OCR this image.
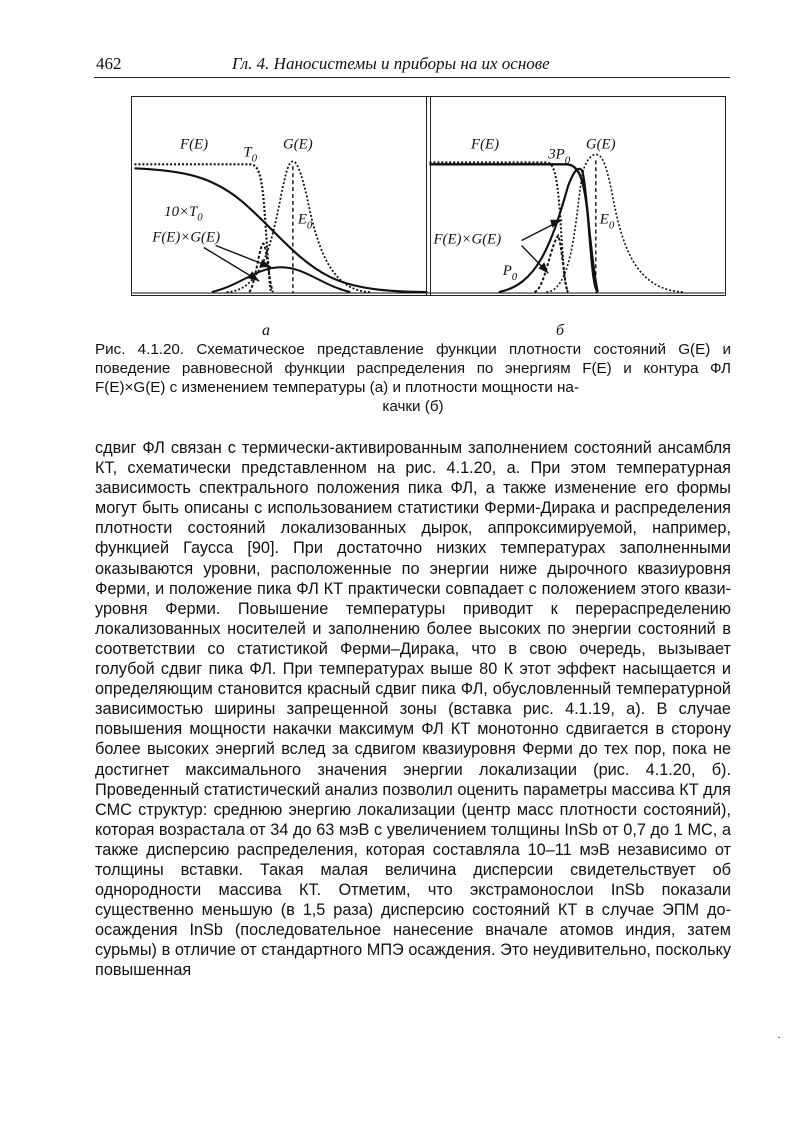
462	Гл. 4. Наносистемы и приборы на их основе
F(E) $T_0$
G(E)
$10\times T_0$
F(E)×G(E)
$E_0$
F(E)
$3P_0$
G(E)
F(E)×G(E)
$E_0$
$P_0$
а	б
Рис. 4.1.20. Схематическое представление функции плотности состояний G(E) и поведение равновесной функции распределения по энергиям F(E) и контура ФЛ F(E)×G(E) с изменением температуры (а) и плотности мощности на-
качки (б)

сдвиг ФЛ связан с термически-активированным заполнением состояний ансамбля КТ, схематически представленном на рис. 4.1.20, а. При этом температурная зависимость спектрального положения пика ФЛ, а также изменение его формы могут быть описаны с использованием статистики Ферми-Дирака и распределения плотности состояний локализованных дырок, аппроксимируемой, например, функцией Гаусса [90]. При достаточно низких температурах заполненными оказываются уровни, расположенные по энергии ниже дырочного квазиуровня Ферми, и положение пика ФЛ КТ практически совпадает с положением этого квази-уровня Ферми. Повышение температуры приводит к перераспределению локализованных носителей и заполнению более высоких по энергии состояний в соответствии со статистикой Ферми–Дирака, что в свою очередь, вызывает голубой сдвиг пика ФЛ. При температурах выше 80 К этот эффект насыщается и определяющим становится красный сдвиг пика ФЛ, обусловленный температурной зависимостью ширины запрещенной зоны (вставка рис. 4.1.19, а). В случае повышения мощности накачки максимум ФЛ КТ монотонно сдвигается в сторону более высоких энергий вслед за сдвигом квазиуровня Ферми до тех пор, пока не достигнет максимального значения энергии локализации (рис. 4.1.20, б). Проведенный статистический анализ позволил оценить параметры массива КТ для СМС структур: среднюю энергию локализации (центр масс плотности состояний), которая возрастала от 34 до 63 мэВ с увеличением толщины InSb от 0,7 до 1 МС, а также дисперсию распределения, которая составляла 10–11 мэВ независимо от толщины вставки. Такая малая величина дисперсии свидетельствует об однородности массива КТ. Отметим, что экстрамонослои InSb показали существенно меньшую (в 1,5 раза) дисперсию состояний КТ в случае ЭПМ до-осаждения InSb (последовательное нанесение вначале атомов индия, затем сурьмы) в отличие от стандартного МПЭ осаждения. Это неудивительно, поскольку повышенная

·
